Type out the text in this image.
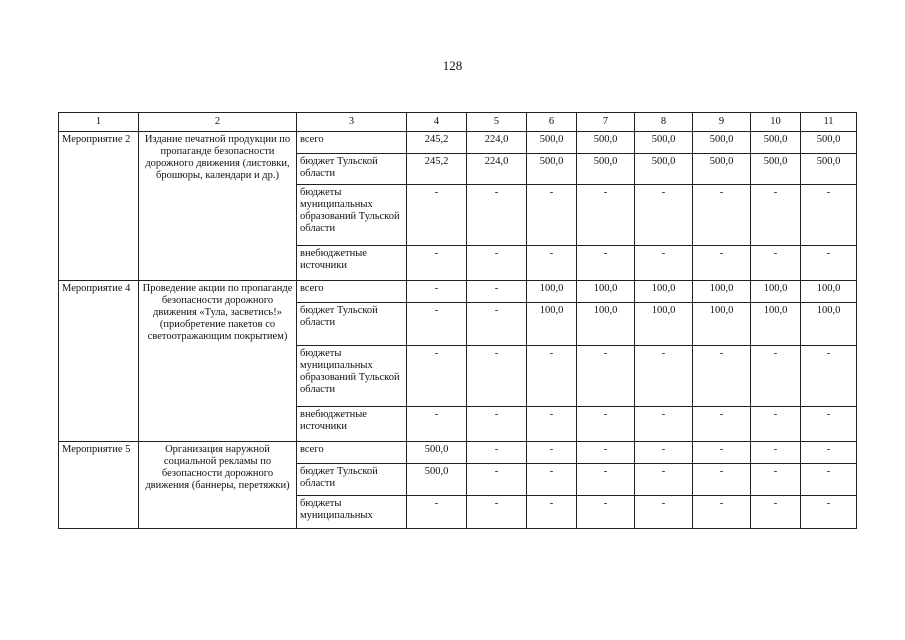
128
1	2	3	4	5	6	7	8	9	10	11
Мероприятие 2	Издание печатной продукции по пропаганде безопасности дорожного движения (листовки, брошюры, календари и др.)	всего	245,2	224,0	500,0	500,0	500,0	500,0	500,0	500,0
		бюджет Тульской области	245,2	224,0	500,0	500,0	500,0	500,0	500,0	500,0
		бюджеты муниципальных образований Тульской области	-	-	-	-	-	-	-	-
		внебюджетные источники	-	-	-	-	-	-	-	-
Мероприятие 4	Проведение акции по пропаганде безопасности дорожного движения «Тула, засветись!» (приобретение пакетов со светоотражающим покрытием)	всего	-	-	100,0	100,0	100,0	100,0	100,0	100,0
		бюджет Тульской области	-	-	100,0	100,0	100,0	100,0	100,0	100,0
		бюджеты муниципальных образований Тульской области	-	-	-	-	-	-	-	-
		внебюджетные источники	-	-	-	-	-	-	-	-
Мероприятие 5	Организация наружной социальной рекламы по безопасности дорожного движения (баннеры, перетяжки)	всего	500,0	-	-	-	-	-	-	-
		бюджет Тульской области	500,0	-	-	-	-	-	-	-
		бюджеты муниципальных	-	-	-	-	-	-	-	-
